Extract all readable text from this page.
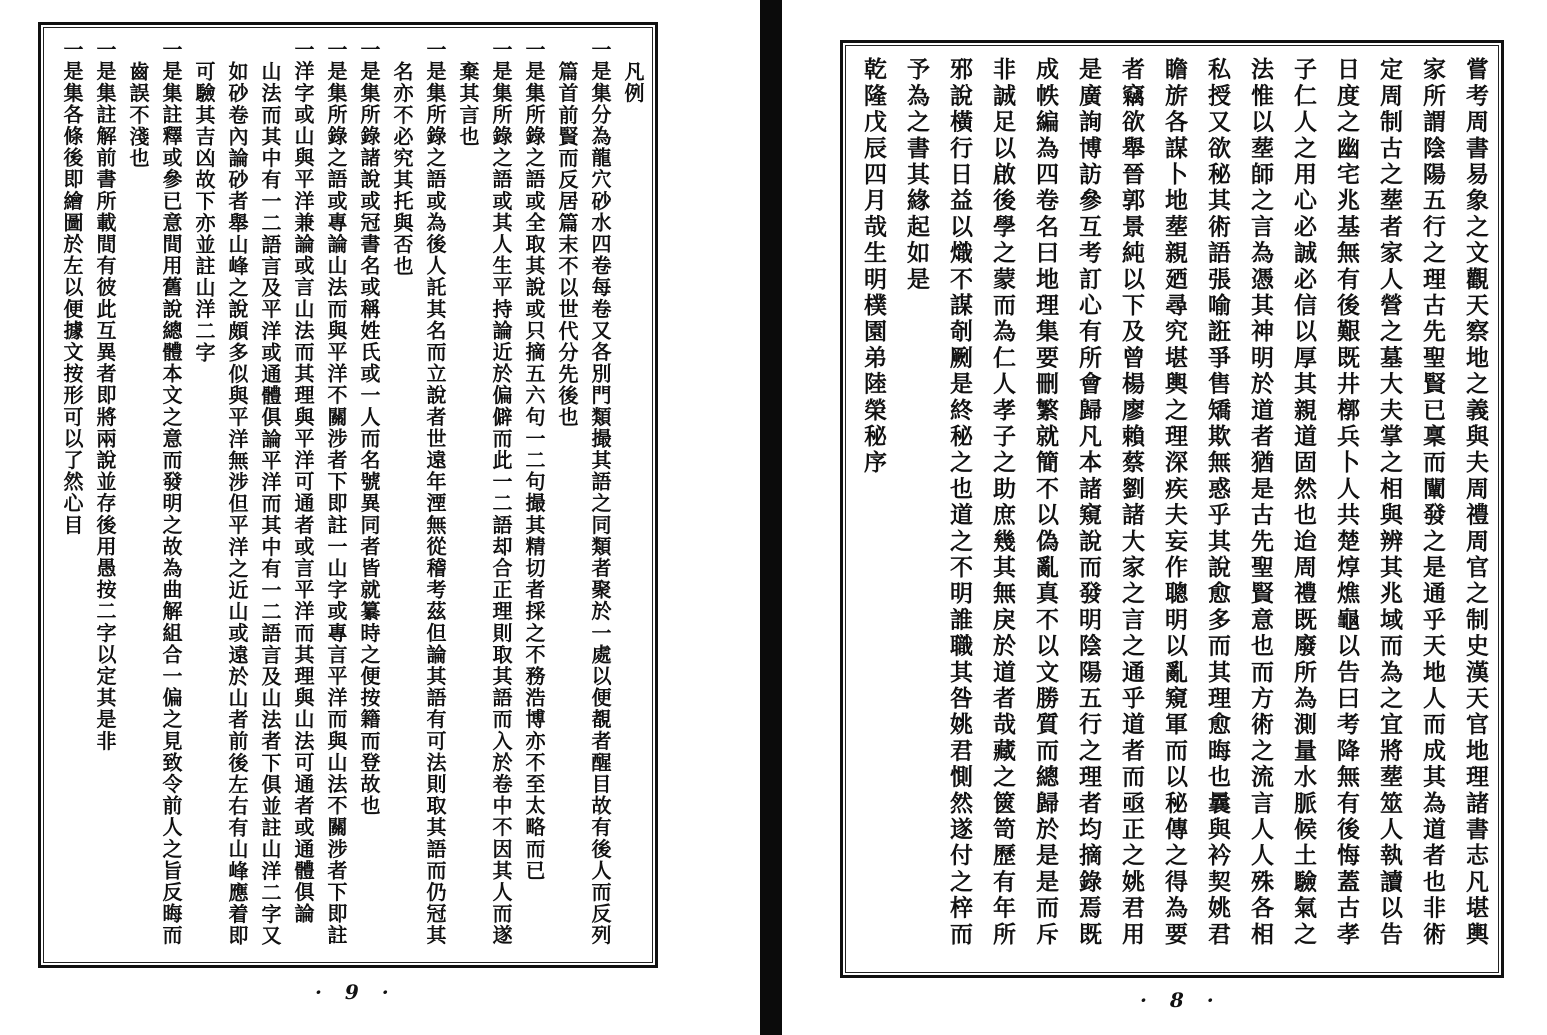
凡例
一是集分為龍穴砂水四卷每卷又各別門類撮其語之同類者聚於一處以便覩者醒目故有後人而反列
篇首前賢而反居篇末不以世代分先後也
一是集所錄之語或全取其說或只摘五六句一二句撮其精切者採之不務浩博亦不至太略而已
一是集所錄之語或其人生平持論近於偏僻而此一二語却合正理則取其語而入於卷中不因其人而遂
棄其言也
一是集所錄之語或為後人託其名而立說者世遠年湮無從稽考茲但論其語有可法則取其語而仍冠其
名亦不必究其托與否也
一是集所錄諸說或冠書名或稱姓氏或一人而名號異同者皆就纂時之便按籍而登故也
一是集所錄之語或專論山法而與平洋不關涉者下即註一山字或專言平洋而與山法不關涉者下即註
一洋字或山與平洋兼論或言山法而其理與平洋可通者或言平洋而其理與山法可通者或通體俱論
山法而其中有一二語言及平洋或通體俱論平洋而其中有一二語言及山法者下俱並註山洋二字又
如砂卷內論砂者舉山峰之說頗多似與平洋無涉但平洋之近山或遠於山者前後左右有山峰應着即
可驗其吉凶故下亦並註山洋二字
一是集註釋或參已意間用舊說總體本文之意而發明之故為曲解組合一偏之見致令前人之旨反晦而
齒誤不淺也
一是集註解前書所載間有彼此互異者即將兩說並存後用愚按二字以定其是非
一是集各條後即繪圖於左以便據文按形可以了然心目
· 9 ·
嘗考周書易象之文觀天察地之義與夫周禮周官之制史漢天官地理諸書志凡堪輿
家所謂陰陽五行之理古先聖賢已稟而闡發之是通乎天地人而成其為道者也非術
定周制古之塟者家人營之墓大夫掌之相與辨其兆域而為之宜將塟筮人執讀以告
日度之幽宅兆基無有後艱既井槨兵卜人共楚焞燋龜以告曰考降無有後悔蓋古孝
子仁人之用心必誠必信以厚其親道固然也迨周禮既廢所為測量水脈候土驗氣之
法惟以塟師之言為憑其神明於道者猶是古先聖賢意也而方術之流言人人殊各相
私授又欲秘其術語張喻誑爭售矯欺無惑乎其說愈多而其理愈晦也曩與衿契姚君
瞻旂各謀卜地塟親廼尋究堪輿之理深疾夫妄作聰明以亂窺軍而以秘傳之得為要
者竊欲舉晉郭景純以下及曾楊廖賴蔡劉諸大家之言之通乎道者而亟正之姚君用
是廣詢博訪參互考訂心有所會歸凡本諸窺說而發明陰陽五行之理者均摘錄焉既
成帙編為四卷名曰地理集要刪繁就簡不以偽亂真不以文勝質而總歸於是是而斥
非誠足以啟後學之蒙而為仁人孝子之助庶幾其無戾於道者哉藏之篋笥歷有年所
邪說橫行日益以熾不謀剞劂是終秘之也道之不明誰職其咎姚君惻然遂付之梓而
予為之書其緣起如是
乾隆戊辰四月哉生明樸園弟陸榮秘序
· 8 ·
